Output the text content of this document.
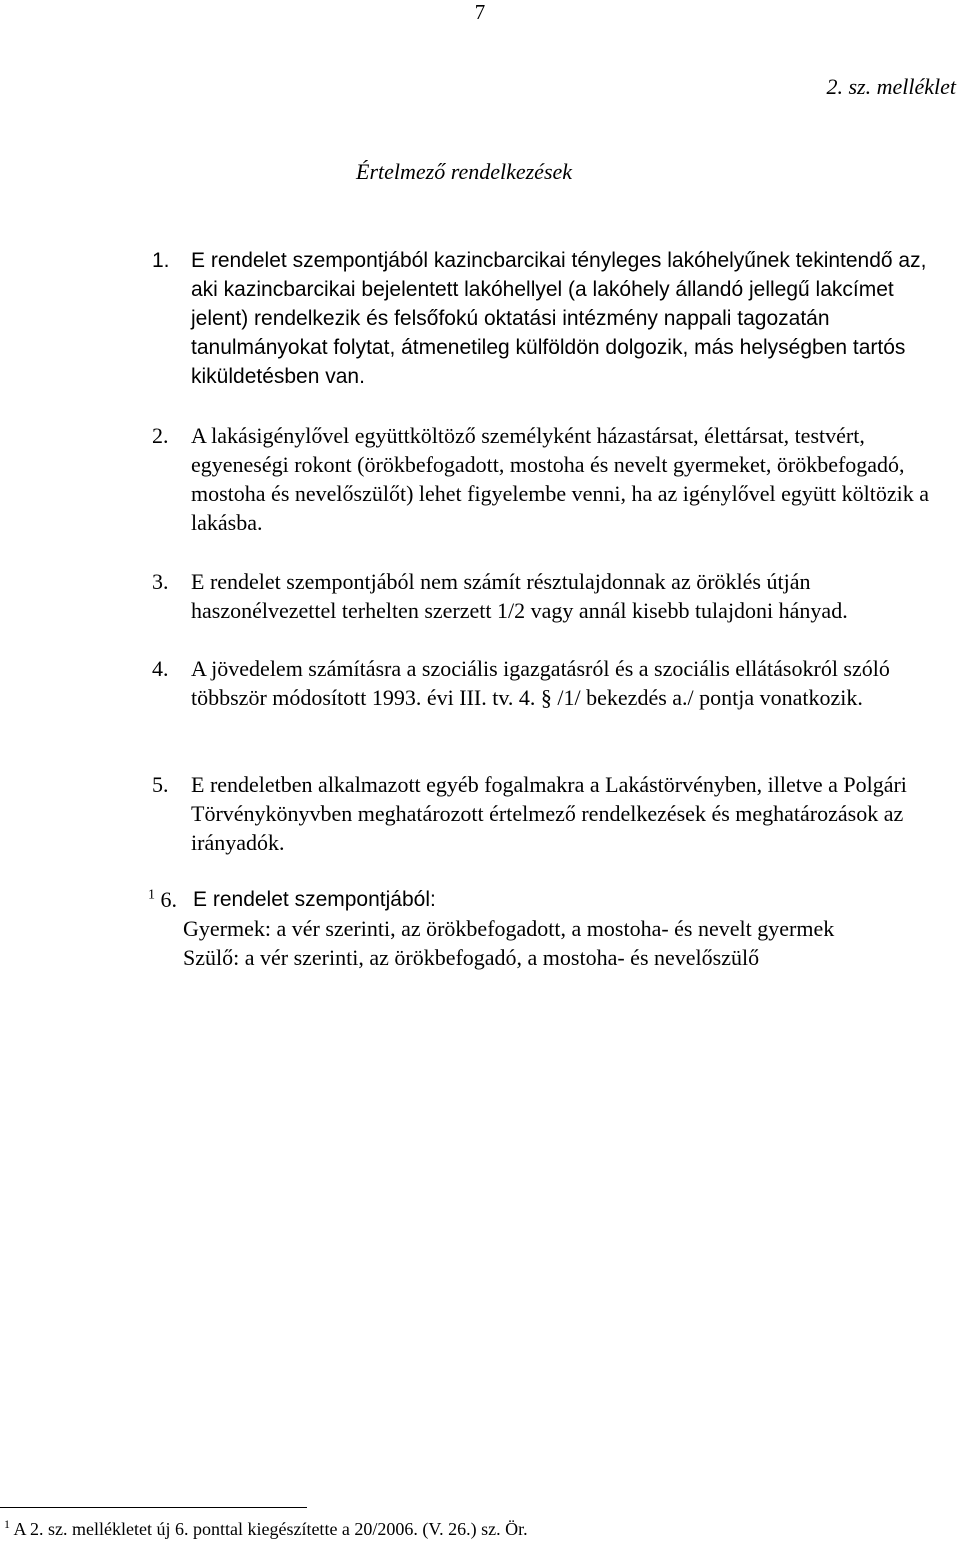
7
2. sz. melléklet
Értelmező rendelkezések
1. E rendelet szempontjából kazincbarcikai tényleges lakóhelyűnek tekintendő az, aki kazincbarcikai bejelentett lakóhellyel (a lakóhely állandó jellegű lakcímet jelent) rendelkezik és felsőfokú oktatási intézmény nappali tagozatán tanulmányokat folytat, átmenetileg külföldön dolgozik, más helységben tartós kiküldetésben van.

2. A lakásigénylővel együttköltöző személyként házastársat, élettársat, testvért, egyeneségi rokont (örökbefogadott, mostoha és nevelt gyermeket, örökbefogadó, mostoha és nevelőszülőt) lehet figyelembe venni, ha az igénylővel együtt költözik a lakásba.

3. E rendelet szempontjából nem számít résztulajdonnak az öröklés útján haszonélvezettel terhelten szerzett 1/2 vagy annál kisebb tulajdoni hányad.

4. A jövedelem számításra a szociális igazgatásról és a szociális ellátásokról szóló többször módosított 1993. évi III. tv. 4. § /1/ bekezdés a./ pontja vonatkozik.

5. E rendeletben alkalmazott egyéb fogalmakra a Lakástörvényben, illetve a Polgári Törvénykönyvben meghatározott értelmező rendelkezések és meghatározások az irányadók.

$^1$ 6. E rendelet szempontjából:

Gyermek: a vér szerinti, az örökbefogadott, a mostoha- és nevelt gyermek
Szülő: a vér szerinti, az örökbefogadó, a mostoha- és nevelőszülő
$^1$ A 2. sz. mellékletet új 6. ponttal kiegészítette a 20/2006. (V. 26.) sz. Ör.
